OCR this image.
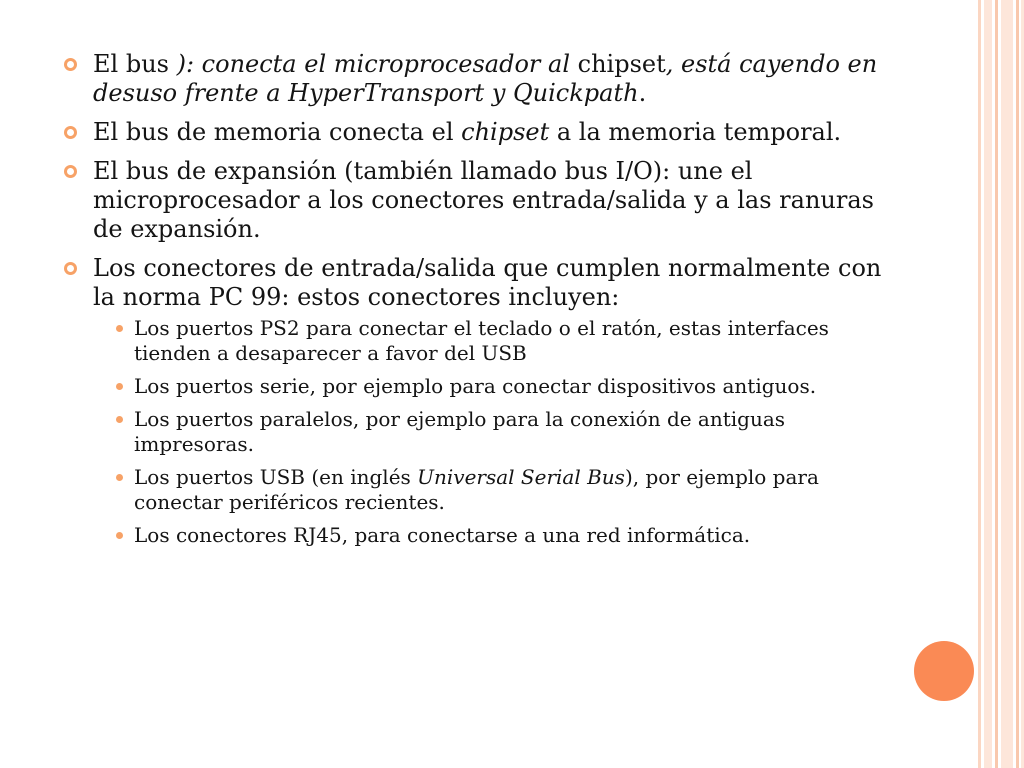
El bus ): conecta el microprocesador al chipset, está cayendo en desuso frente a HyperTransport y Quickpath.
El bus de memoria conecta el chipset a la memoria temporal.
El bus de expansión (también llamado bus I/O): une el microprocesador a los conectores entrada/salida y a las ranuras de expansión.
Los conectores de entrada/salida que cumplen normalmente con la norma PC 99: estos conectores incluyen:
Los puertos PS2 para conectar el teclado o el ratón, estas interfaces tienden a desaparecer a favor del USB
Los puertos serie, por ejemplo para conectar dispositivos antiguos.
Los puertos paralelos, por ejemplo para la conexión de antiguas impresoras.
Los puertos USB (en inglés Universal Serial Bus), por ejemplo para conectar periféricos recientes.
Los conectores RJ45, para conectarse a una red informática.
